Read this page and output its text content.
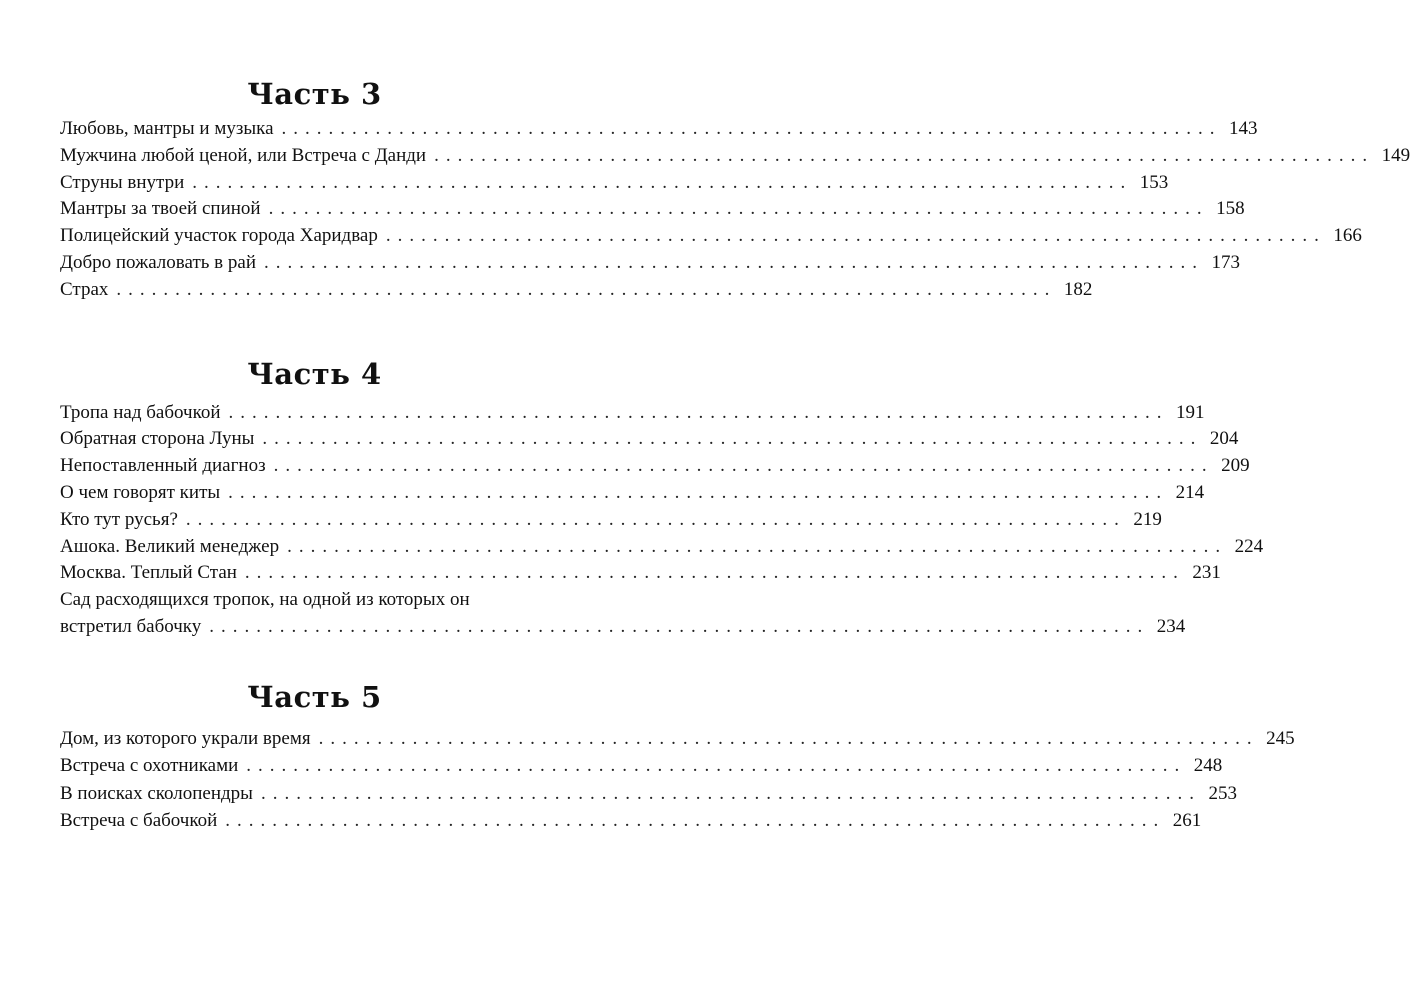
Часть 3
Любовь, мантры и музыка ................................................................................ 143
Мужчина любой ценой, или Встреча с Данди ................................................................................ 149
Струны внутри ................................................................................ 153
Мантры за твоей спиной ................................................................................ 158
Полицейский участок города Харидвар ................................................................................ 166
Добро пожаловать в рай ................................................................................ 173
Страх ................................................................................ 182
Часть 4
Тропа над бабочкой ................................................................................ 191
Обратная сторона Луны ................................................................................ 204
Непоставленный диагноз ................................................................................ 209
О чем говорят киты ................................................................................ 214
Кто тут русья? ................................................................................ 219
Ашока. Великий менеджер ................................................................................ 224
Москва. Теплый Стан ................................................................................ 231
Сад расходящихся тропок, на одной из которых он
встретил бабочку ................................................................................ 234
Часть 5
Дом, из которого украли время ................................................................................ 245
Встреча с охотниками ................................................................................ 248
В поисках сколопендры ................................................................................ 253
Встреча с бабочкой ................................................................................ 261
